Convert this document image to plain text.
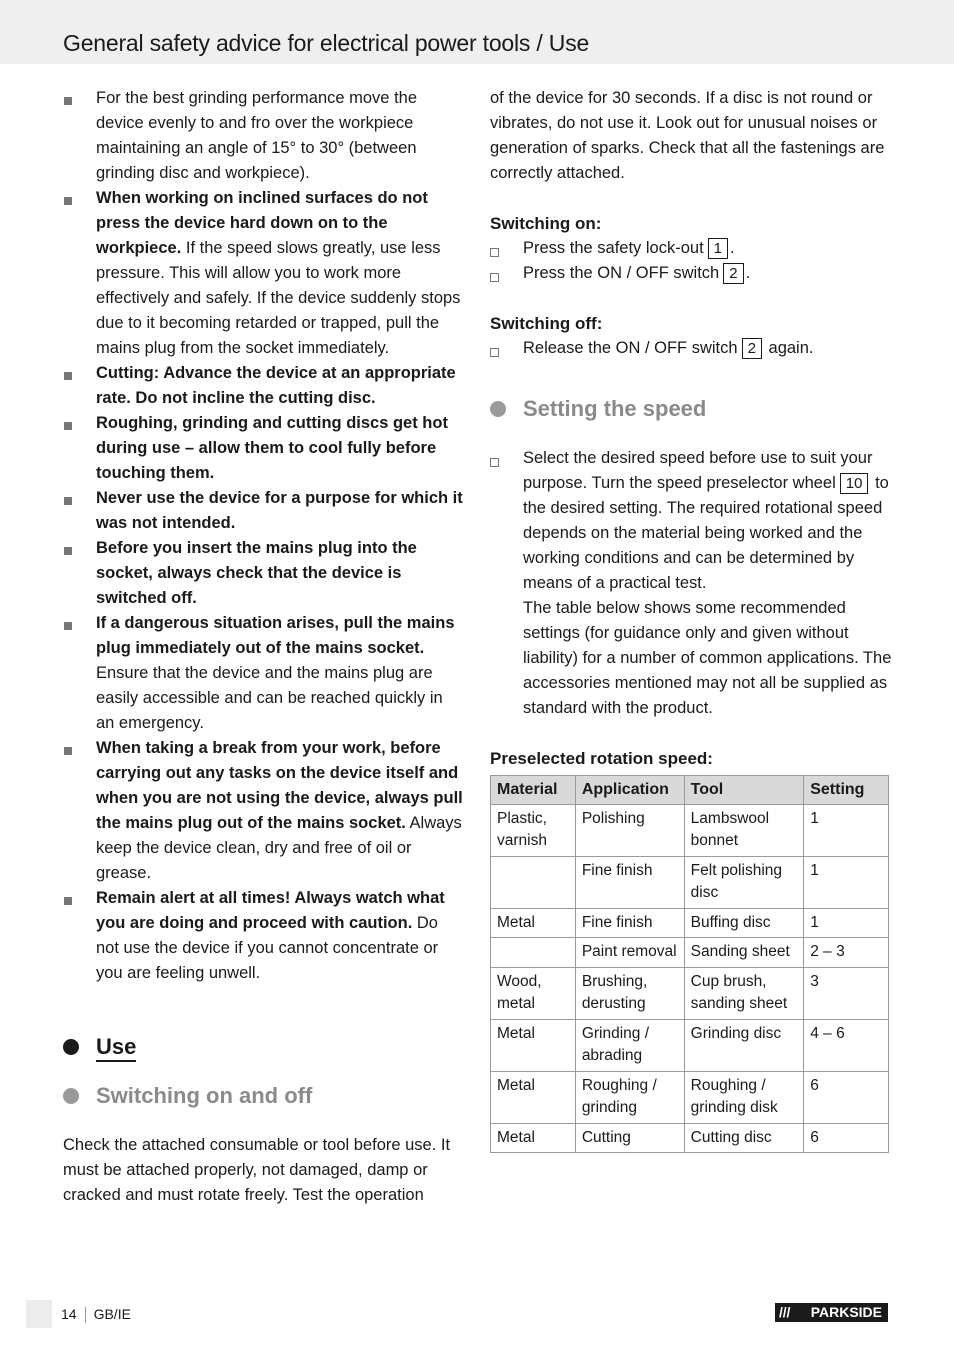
General safety advice for electrical power tools / Use
For the best grinding performance move the device evenly to and fro over the workpiece maintaining an angle of 15° to 30° (between grinding disc and workpiece).
When working on inclined surfaces do not press the device hard down on to the workpiece. If the speed slows greatly, use less pressure. This will allow you to work more effectively and safely. If the device suddenly stops due to it becoming retarded or trapped, pull the mains plug from the socket immediately.
Cutting: Advance the device at an appropriate rate. Do not incline the cutting disc.
Roughing, grinding and cutting discs get hot during use – allow them to cool fully before touching them.
Never use the device for a purpose for which it was not intended.
Before you insert the mains plug into the socket, always check that the device is switched off.
If a dangerous situation arises, pull the mains plug immediately out of the mains socket. Ensure that the device and the mains plug are easily accessible and can be reached quickly in an emergency.
When taking a break from your work, before carrying out any tasks on the device itself and when you are not using the device, always pull the mains plug out of the mains socket. Always keep the device clean, dry and free of oil or grease.
Remain alert at all times! Always watch what you are doing and proceed with caution. Do not use the device if you cannot concentrate or you are feeling unwell.
Use
Switching on and off

Check the attached consumable or tool before use. It must be attached properly, not damaged, damp or cracked and must rotate freely. Test the operation

of the device for 30 seconds. If a disc is not round or vibrates, do not use it. Look out for unusual noises or generation of sparks. Check that all the fastenings are correctly attached.

Switching on:

Press the safety lock-out 1 .
Press the ON / OFF switch 2 .

Switching off:

Release the ON / OFF switch 2 again.
Setting the speed
Select the desired speed before use to suit your purpose. Turn the speed preselector wheel 10 to the desired setting. The required rotational speed depends on the material being worked and the working conditions and can be determined by means of a practical test.
The table below shows some recommended settings (for guidance only and given without liability) for a number of common applications. The accessories mentioned may not all be supplied as standard with the product.

Preselected rotation speed:

Material	Application	Tool	Setting
Plastic, varnish	Polishing	Lambswool bonnet	1
	Fine finish	Felt polishing disc	1
Metal	Fine finish	Buffing disc	1
	Paint removal	Sanding sheet	2 – 3
Wood, metal	Brushing, derusting	Cup brush, sanding sheet	3
Metal	Grinding / abrading	Grinding disc	4 – 6
Metal	Roughing / grinding	Roughing / grinding disk	6
Metal	Cutting	Cutting disc	6
14 GB/IE	/ / / PARKSIDE
